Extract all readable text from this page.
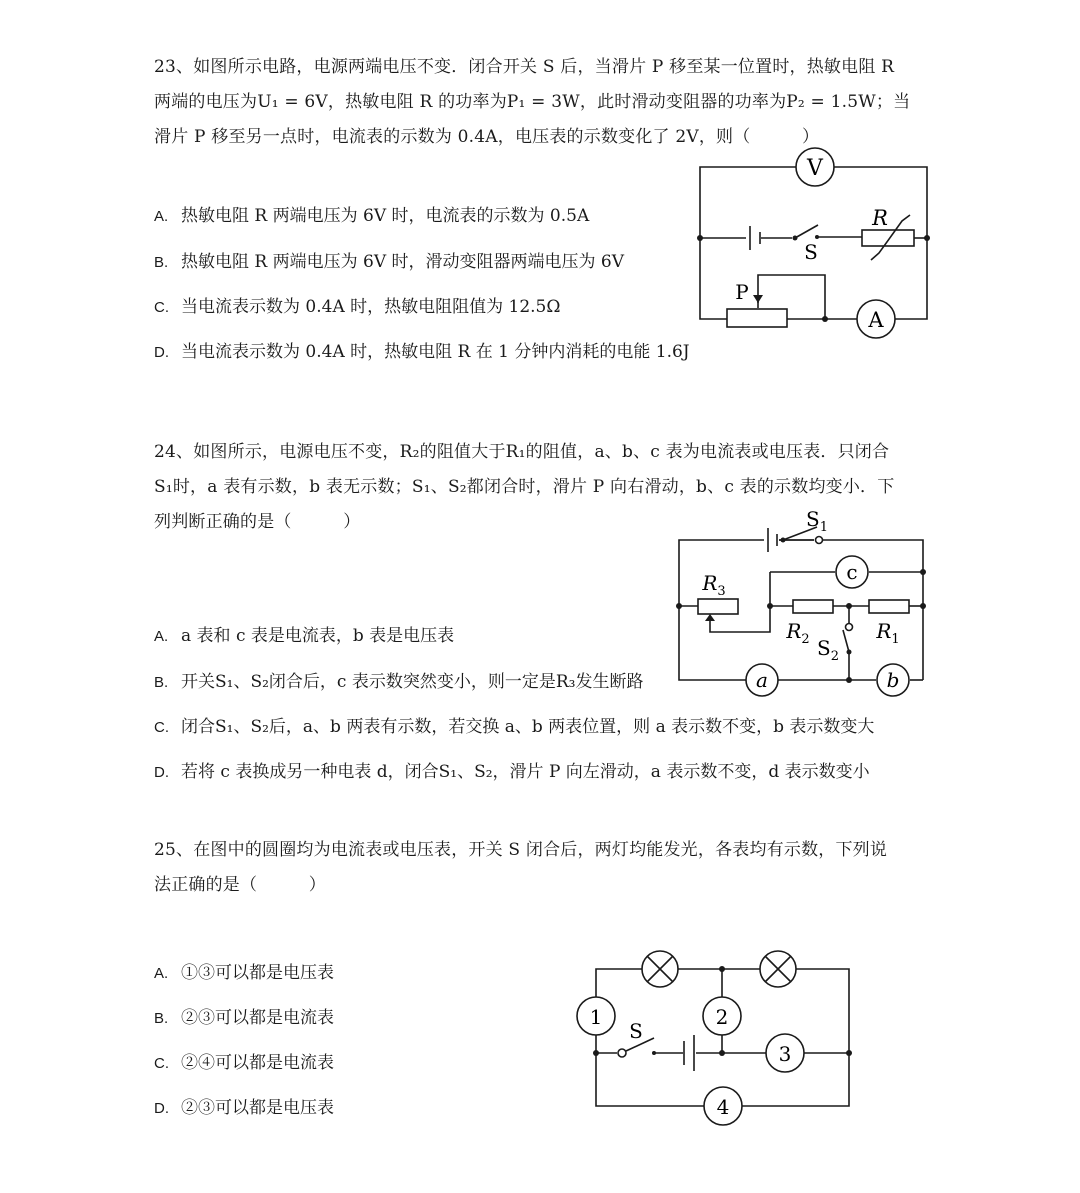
23、如图所示电路，电源两端电压不变．闭合开关 S 后，当滑片 P 移至某一位置时，热敏电阻 R
两端的电压为U₁ = 6V，热敏电阻 R 的功率为P₁ = 3W，此时滑动变阻器的功率为P₂ = 1.5W；当
滑片 P 移至另一点时，电流表的示数为 0.4A，电压表的示数变化了 2V，则（　　　）
A. 热敏电阻 R 两端电压为 6V 时，电流表的示数为 0.5A
B. 热敏电阻 R 两端电压为 6V 时，滑动变阻器两端电压为 6V
C. 当电流表示数为 0.4A 时，热敏电阻阻值为 12.5Ω
D. 当电流表示数为 0.4A 时，热敏电阻 R 在 1 分钟内消耗的电能 1.6J
V
S
R
P
A
24、如图所示，电源电压不变，R₂的阻值大于R₁的阻值，a、b、c 表为电流表或电压表．只闭合
S₁时，a 表有示数，b 表无示数；S₁、S₂都闭合时，滑片 P 向右滑动，b、c 表的示数均变小．下
列判断正确的是（　　　）
A. a 表和 c 表是电流表，b 表是电压表
B. 开关S₁、S₂闭合后，c 表示数突然变小，则一定是R₃发生断路
C. 闭合S₁、S₂后，a、b 两表有示数，若交换 a、b 两表位置，则 a 表示数不变，b 表示数变大
D. 若将 c 表换成另一种电表 d，闭合S₁、S₂，滑片 P 向左滑动，a 表示数不变，d 表示数变小
$S_1$
c
$R_3$
$R_2$	$R_1$
$S_2$
a	b
25、在图中的圆圈均为电流表或电压表，开关 S 闭合后，两灯均能发光，各表均有示数，下列说
法正确的是（　　　）
A. ①③可以都是电压表
B. ②③可以都是电流表
C. ②④可以都是电流表
D. ②③可以都是电压表
1	2
3
4
S
